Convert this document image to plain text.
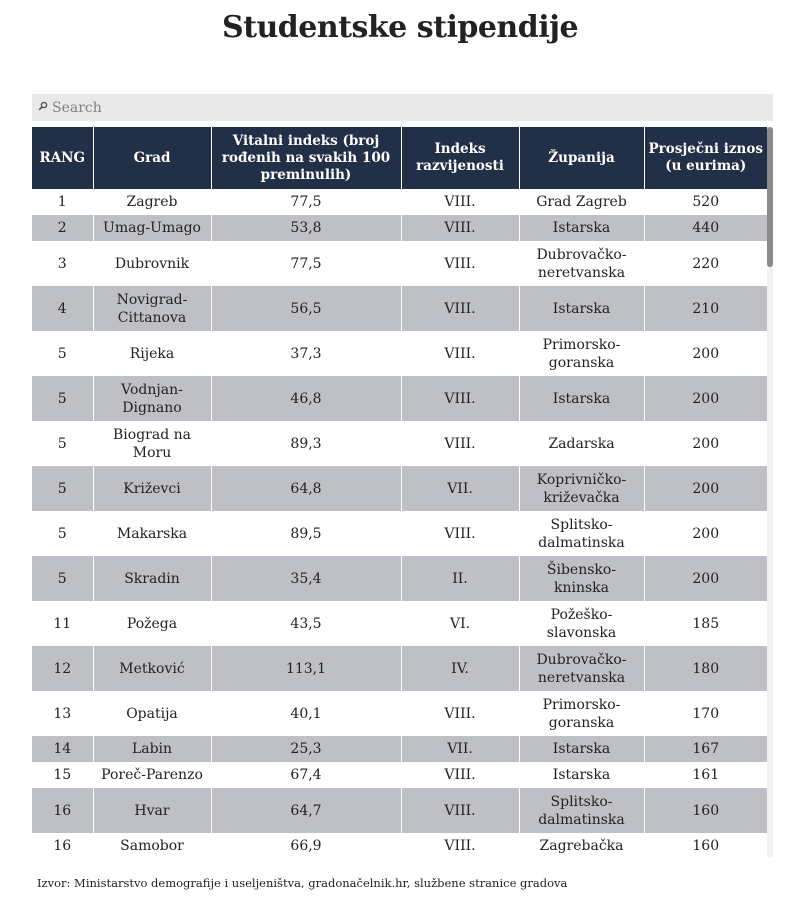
Studentske stipendije
Search
RANG	Grad	Vitalni indeks (broj rođenih na svakih 100 preminulih)	Indeks razvijenosti	Županija	Prosječni iznos (u eurima)
1	Zagreb	77,5	VIII.	Grad Zagreb	520
2	Umag-Umago	53,8	VIII.	Istarska	440
3	Dubrovnik	77,5	VIII.	Dubrovačko-neretvanska	220
4	Novigrad-Cittanova	56,5	VIII.	Istarska	210
5	Rijeka	37,3	VIII.	Primorsko-goranska	200
5	Vodnjan-Dignano	46,8	VIII.	Istarska	200
5	Biograd na Moru	89,3	VIII.	Zadarska	200
5	Križevci	64,8	VII.	Koprivničko-križevačka	200
5	Makarska	89,5	VIII.	Splitsko-dalmatinska	200
5	Skradin	35,4	II.	Šibensko-kninska	200
11	Požega	43,5	VI.	Požeško-slavonska	185
12	Metković	113,1	IV.	Dubrovačko-neretvanska	180
13	Opatija	40,1	VIII.	Primorsko-goranska	170
14	Labin	25,3	VII.	Istarska	167
15	Poreč-Parenzo	67,4	VIII.	Istarska	161
16	Hvar	64,7	VIII.	Splitsko-dalmatinska	160
16	Samobor	66,9	VIII.	Zagrebačka	160
Izvor: Ministarstvo demografije i useljeništva, gradonačelnik.hr, službene stranice gradova
